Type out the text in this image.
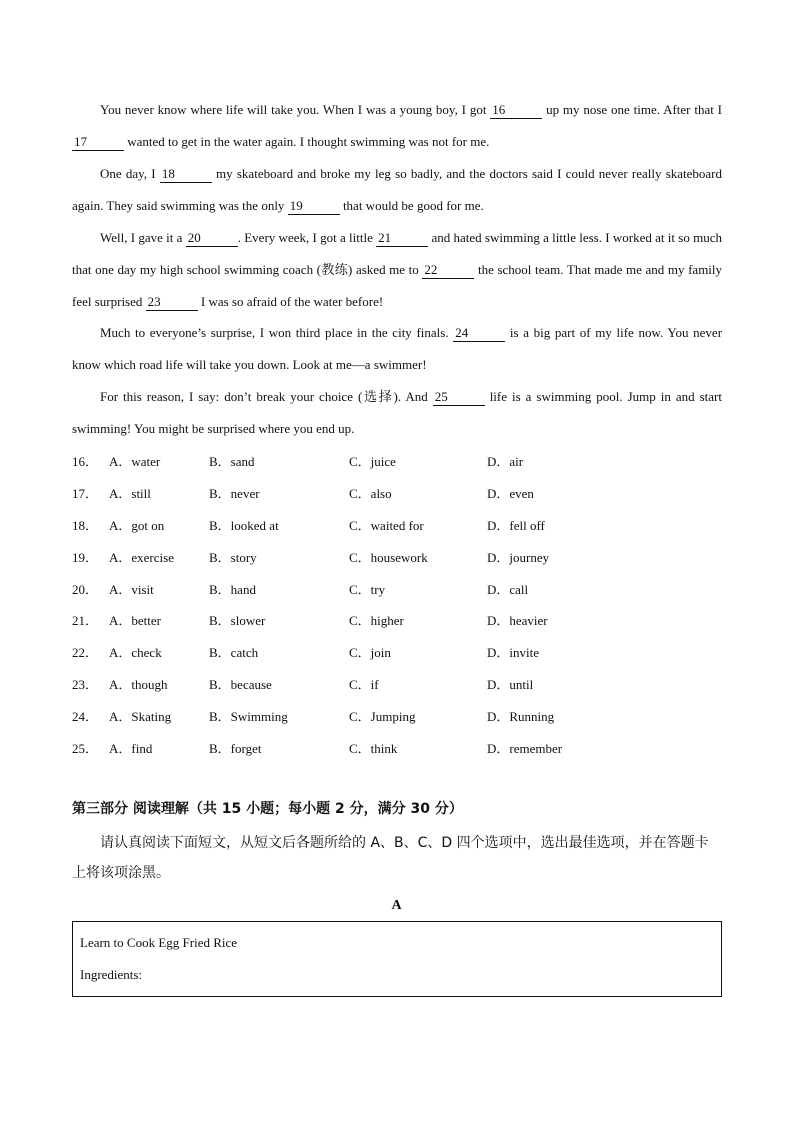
You never know where life will take you. When I was a young boy, I got 16	up my nose one time. After that I 17	wanted to get in the water again. I thought swimming was not for me.
One day, I 18	my skateboard and broke my leg so badly, and the doctors said I could never really skateboard again. They said swimming was the only 19	that would be good for me.
Well, I gave it a 20	. Every week, I got a little 21	and hated swimming a little less. I worked at it so much that one day my high school swimming coach (教练) asked me to 22	the school team. That made me and my family feel surprised 23	I was so afraid of the water before!
Much to everyone’s surprise, I won third place in the city finals. 24	is a big part of my life now. You never know which road life will take you down. Look at me—a swimmer!
For this reason, I say: don’t break your choice (选择). And 25	life is a swimming pool. Jump in and start swimming! You might be surprised where you end up.
16． A．water	B．sand	C．juice	D．air
17． A．still	B．never	C．also	D．even
18． A．got on	B．looked at	C．waited for	D．fell off
19． A．exercise	B．story	C．housework	D．journey
20． A．visit	B．hand	C．try	D．call
21． A．better	B．slower	C．higher	D．heavier
22． A．check	B．catch	C．join	D．invite
23． A．though	B．because	C．if	D．until
24． A．Skating	B．Swimming	C．Jumping	D．Running
25． A．find	B．forget	C．think	D．remember
第三部分 阅读理解（共 15 小题；每小题 2 分，满分 30 分）
请认真阅读下面短文，从短文后各题所给的 A、B、C、D 四个选项中，选出最佳选项，并在答题卡上将该项涂黑。
A
Learn to Cook Egg Fried Rice
Ingredients:
